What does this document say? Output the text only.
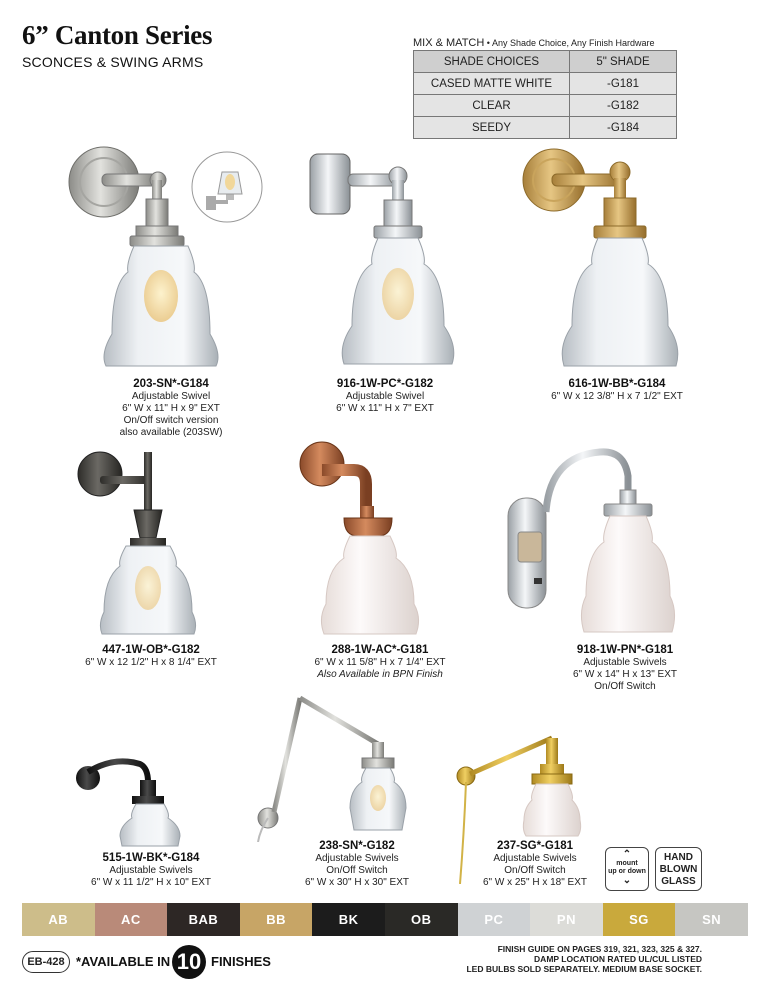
6” Canton Series
SCONCES & SWING ARMS
MIX & MATCH • Any Shade Choice, Any Finish Hardware
SHADE CHOICES	5" SHADE
CASED MATTE WHITE	-G181
CLEAR	-G182
SEEDY	-G184
203-SN*-G184
Adjustable Swivel
6" W x 11" H x 9" EXT
On/Off switch version
also available (203SW)
916-1W-PC*-G182
Adjustable Swivel
6" W x 11" H x 7" EXT
616-1W-BB*-G184
6" W x 12 3/8" H x 7 1/2" EXT
447-1W-OB*-G182
6" W x 12 1/2" H x 8 1/4" EXT
288-1W-AC*-G181
6" W x 11 5/8" H x 7 1/4" EXT
Also Available in BPN Finish
918-1W-PN*-G181
Adjustable Swivels
6" W x 14" H x 13" EXT
On/Off Switch
515-1W-BK*-G184
Adjustable Swivels
6" W x 11 1/2" H x 10" EXT
238-SN*-G182
Adjustable Swivels
On/Off Switch
6" W x 30" H x 30" EXT
237-SG*-G181
Adjustable Swivels
On/Off Switch
6" W x 25" H x 18" EXT
⌃
mount
up or down
⌄
HAND
BLOWN
GLASS
AB	AC	BAB	BB	BK	OB	PC	PN	SG	SN
EB-428 *AVAILABLE IN 10 FINISHES
FINISH GUIDE ON PAGES 319, 321, 323, 325 & 327.
DAMP LOCATION RATED UL/CUL LISTED
LED BULBS SOLD SEPARATELY. MEDIUM BASE SOCKET.
